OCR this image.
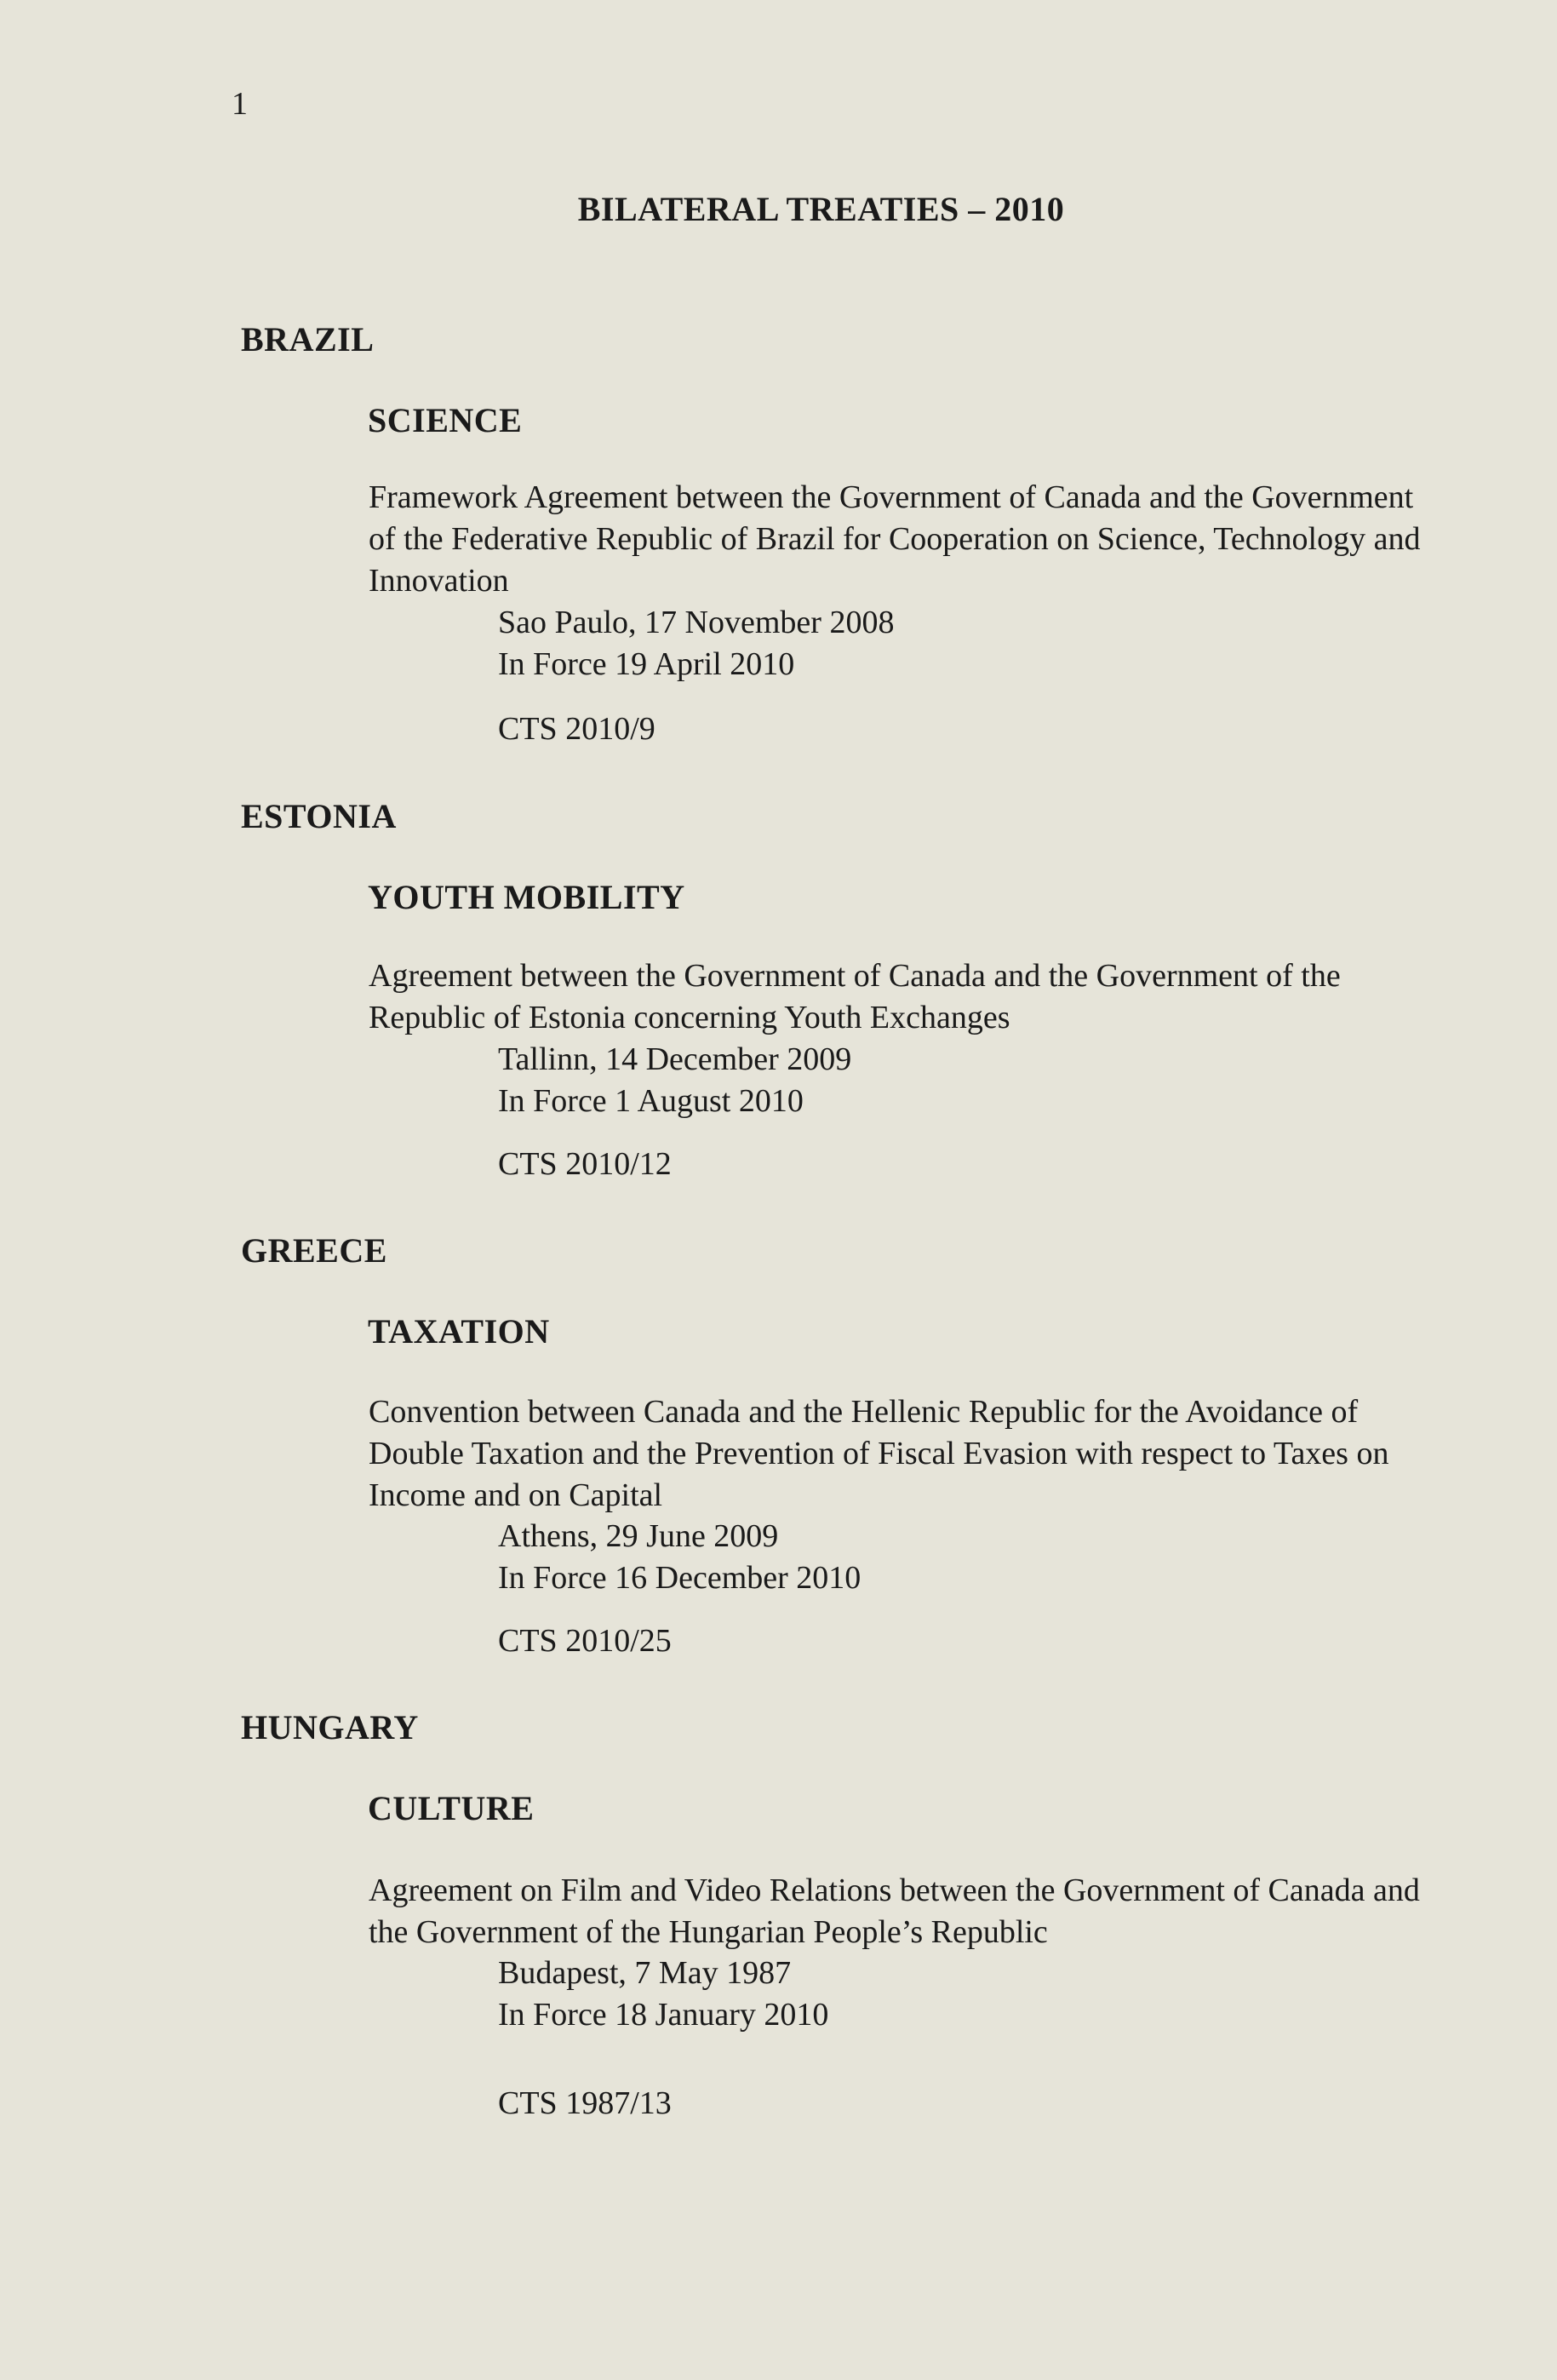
1
BILATERAL TREATIES – 2010
BRAZIL
SCIENCE
Framework Agreement between the Government of Canada and the Government of the Federative Republic of Brazil for Cooperation on Science, Technology and Innovation
Sao Paulo, 17 November 2008
In Force 19 April 2010
CTS 2010/9
ESTONIA
YOUTH MOBILITY
Agreement between the Government of Canada and the Government of the Republic of Estonia concerning Youth Exchanges
Tallinn, 14 December 2009
In Force 1 August 2010
CTS 2010/12
GREECE
TAXATION
Convention between Canada and the Hellenic Republic for the Avoidance of Double Taxation and the Prevention of Fiscal Evasion with respect to Taxes on Income and on Capital
Athens, 29 June 2009
In Force 16 December 2010
CTS 2010/25
HUNGARY
CULTURE
Agreement on Film and Video Relations between the Government of Canada and the Government of the Hungarian People’s Republic
Budapest, 7 May 1987
In Force 18 January 2010
CTS 1987/13
